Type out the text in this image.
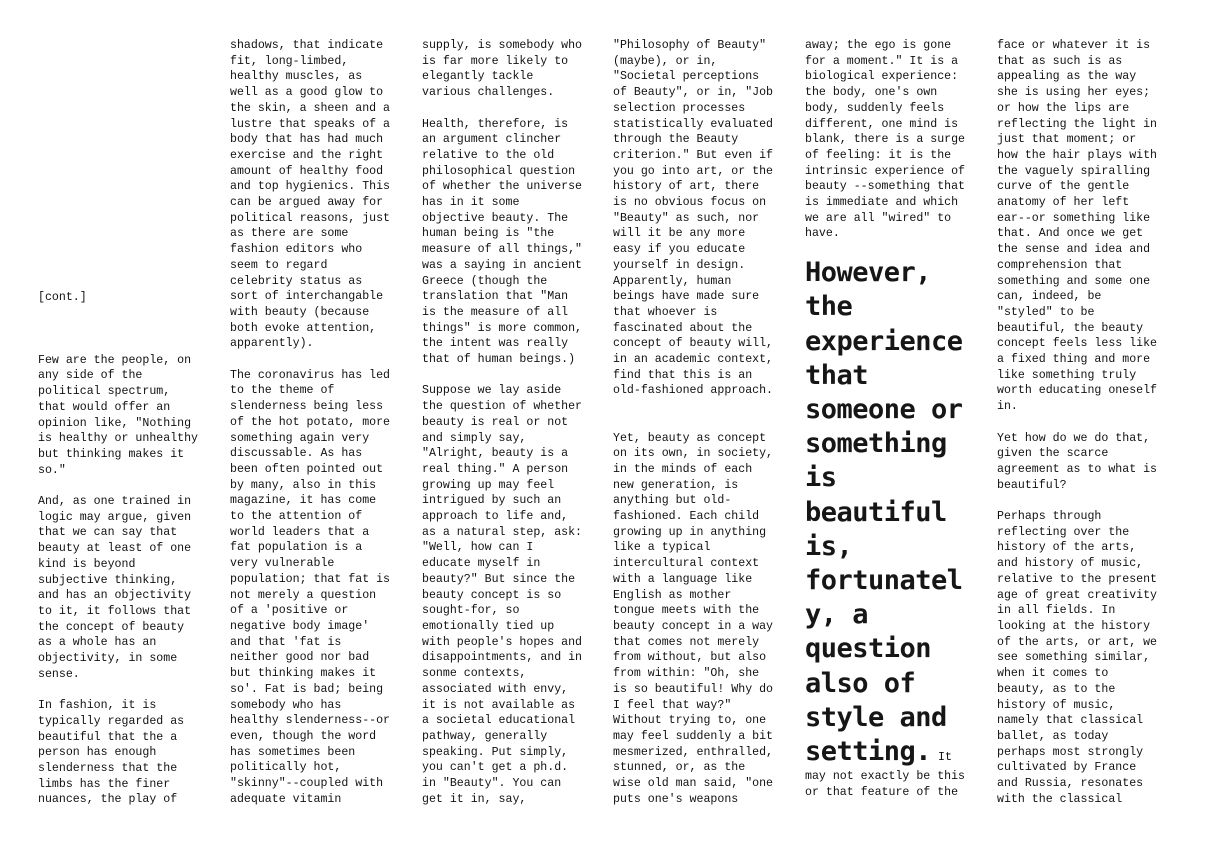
[cont.]

Few are the people, on
any side of the
political spectrum,
that would offer an
opinion like, "Nothing
is healthy or unhealthy
but thinking makes it
so."

And, as one trained in
logic may argue, given
that we can say that
beauty at least of one
kind is beyond
subjective thinking,
and has an objectivity
to it, it follows that
the concept of beauty
as a whole has an
objectivity, in some
sense.

In fashion, it is
typically regarded as
beautiful that the a
person has enough
slenderness that the
limbs has the finer
nuances, the play of

shadows, that indicate
fit, long-limbed,
healthy muscles, as
well as a good glow to
the skin, a sheen and a
lustre that speaks of a
body that has had much
exercise and the right
amount of healthy food
and top hygienics. This
can be argued away for
political reasons, just
as there are some
fashion editors who
seem to regard
celebrity status as
sort of interchangable
with beauty (because
both evoke attention,
apparently).

The coronavirus has led
to the theme of
slenderness being less
of the hot potato, more
something again very
discussable. As has
been often pointed out
by many, also in this
magazine, it has come
to the attention of
world leaders that a
fat population is a
very vulnerable
population; that fat is
not merely a question
of a 'positive or
negative body image'
and that 'fat is
neither good nor bad
but thinking makes it
so'. Fat is bad; being
somebody who has
healthy slenderness--or
even, though the word
has sometimes been
politically hot,
"skinny"--coupled with
adequate vitamin

supply, is somebody who
is far more likely to
elegantly tackle
various challenges.

Health, therefore, is
an argument clincher
relative to the old
philosophical question
of whether the universe
has in it some
objective beauty. The
human being is "the
measure of all things,"
was a saying in ancient
Greece (though the
translation that "Man
is the measure of all
things" is more common,
the intent was really
that of human beings.)

Suppose we lay aside
the question of whether
beauty is real or not
and simply say,
"Alright, beauty is a
real thing." A person
growing up may feel
intrigued by such an
approach to life and,
as a natural step, ask:
"Well, how can I
educate myself in
beauty?" But since the
beauty concept is so
sought-for, so
emotionally tied up
with people's hopes and
disappointments, and in
sonme contexts,
associated with envy,
it is not available as
a societal educational
pathway, generally
speaking. Put simply,
you can't get a ph.d.
in "Beauty". You can
get it in, say,

"Philosophy of Beauty"
(maybe), or in,
"Societal perceptions
of Beauty", or in, "Job
selection processes
statistically evaluated
through the Beauty
criterion." But even if
you go into art, or the
history of art, there
is no obvious focus on
"Beauty" as such, nor
will it be any more
easy if you educate
yourself in design.
Apparently, human
beings have made sure
that whoever is
fascinated about the
concept of beauty will,
in an academic context,
find that this is an
old-fashioned approach.

Yet, beauty as concept
on its own, in society,
in the minds of each
new generation, is
anything but old-
fashioned. Each child
growing up in anything
like a typical
intercultural context
with a language like
English as mother
tongue meets with the
beauty concept in a way
that comes not merely
from without, but also
from within: "Oh, she
is so beautiful! Why do
I feel that way?"
Without trying to, one
may feel suddenly a bit
mesmerized, enthralled,
stunned, or, as the
wise old man said, "one
puts one's weapons

away; the ego is gone
for a moment." It is a
biological experience:
the body, one's own
body, suddenly feels
different, one mind is
blank, there is a surge
of feeling: it is the
intrinsic experience of
beauty --something that
is immediate and which
we are all "wired" to
have.

However,
the
experience
that
someone or
something
is
beautiful
is,
fortunatel
y, a
question
also of
style and
setting. It

may not exactly be this
or that feature of the

face or whatever it is
that as such is as
appealing as the way
she is using her eyes;
or how the lips are
reflecting the light in
just that moment; or
how the hair plays with
the vaguely spiralling
curve of the gentle
anatomy of her left
ear--or something like
that. And once we get
the sense and idea and
comprehension that
something and some one
can, indeed, be
"styled" to be
beautiful, the beauty
concept feels less like
a fixed thing and more
like something truly
worth educating oneself
in.

Yet how do we do that,
given the scarce
agreement as to what is
beautiful?

Perhaps through
reflecting over the
history of the arts,
and history of music,
relative to the present
age of great creativity
in all fields. In
looking at the history
of the arts, or art, we
see something similar,
when it comes to
beauty, as to the
history of music,
namely that classical
ballet, as today
perhaps most strongly
cultivated by France
and Russia, resonates
with the classical
